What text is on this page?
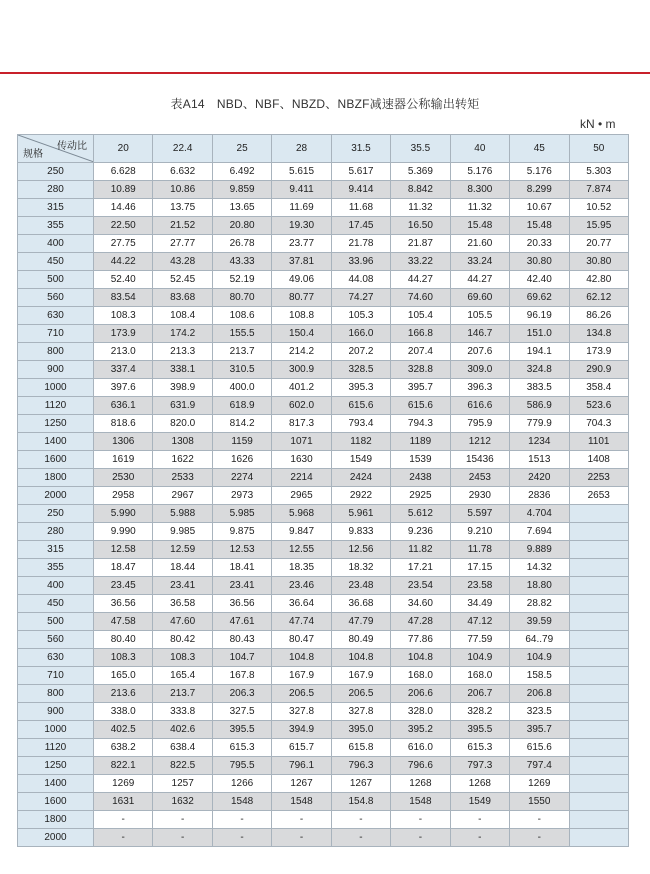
表A14　NBD、NBF、NBZD、NBZF减速器公称输出转矩
kN • m
传动比
规格	20	22.4	25	28	31.5	35.5	40	45	50
250	6.628	6.632	6.492	5.615	5.617	5.369	5.176	5.176	5.303
280	10.89	10.86	9.859	9.411	9.414	8.842	8.300	8.299	7.874
315	14.46	13.75	13.65	11.69	11.68	11.32	11.32	10.67	10.52
355	22.50	21.52	20.80	19.30	17.45	16.50	15.48	15.48	15.95
400	27.75	27.77	26.78	23.77	21.78	21.87	21.60	20.33	20.77
450	44.22	43.28	43.33	37.81	33.96	33.22	33.24	30.80	30.80
500	52.40	52.45	52.19	49.06	44.08	44.27	44.27	42.40	42.80
560	83.54	83.68	80.70	80.77	74.27	74.60	69.60	69.62	62.12
630	108.3	108.4	108.6	108.8	105.3	105.4	105.5	96.19	86.26
710	173.9	174.2	155.5	150.4	166.0	166.8	146.7	151.0	134.8
800	213.0	213.3	213.7	214.2	207.2	207.4	207.6	194.1	173.9
900	337.4	338.1	310.5	300.9	328.5	328.8	309.0	324.8	290.9
1000	397.6	398.9	400.0	401.2	395.3	395.7	396.3	383.5	358.4
1120	636.1	631.9	618.9	602.0	615.6	615.6	616.6	586.9	523.6
1250	818.6	820.0	814.2	817.3	793.4	794.3	795.9	779.9	704.3
1400	1306	1308	1159	1071	1182	1189	1212	1234	1101
1600	1619	1622	1626	1630	1549	1539	15436	1513	1408
1800	2530	2533	2274	2214	2424	2438	2453	2420	2253
2000	2958	2967	2973	2965	2922	2925	2930	2836	2653
250	5.990	5.988	5.985	5.968	5.961	5.612	5.597	4.704	
280	9.990	9.985	9.875	9.847	9.833	9.236	9.210	7.694	
315	12.58	12.59	12.53	12.55	12.56	11.82	11.78	9.889	
355	18.47	18.44	18.41	18.35	18.32	17.21	17.15	14.32	
400	23.45	23.41	23.41	23.46	23.48	23.54	23.58	18.80	
450	36.56	36.58	36.56	36.64	36.68	34.60	34.49	28.82	
500	47.58	47.60	47.61	47.74	47.79	47.28	47.12	39.59	
560	80.40	80.42	80.43	80.47	80.49	77.86	77.59	64..79	
630	108.3	108.3	104.7	104.8	104.8	104.8	104.9	104.9	
710	165.0	165.4	167.8	167.9	167.9	168.0	168.0	158.5	
800	213.6	213.7	206.3	206.5	206.5	206.6	206.7	206.8	
900	338.0	333.8	327.5	327.8	327.8	328.0	328.2	323.5	
1000	402.5	402.6	395.5	394.9	395.0	395.2	395.5	395.7	
1120	638.2	638.4	615.3	615.7	615.8	616.0	615.3	615.6	
1250	822.1	822.5	795.5	796.1	796.3	796.6	797.3	797.4	
1400	1269	1257	1266	1267	1267	1268	1268	1269	
1600	1631	1632	1548	1548	154.8	1548	1549	1550	
1800	-	-	-	-	-	-	-	-	
2000	-	-	-	-	-	-	-	-	
